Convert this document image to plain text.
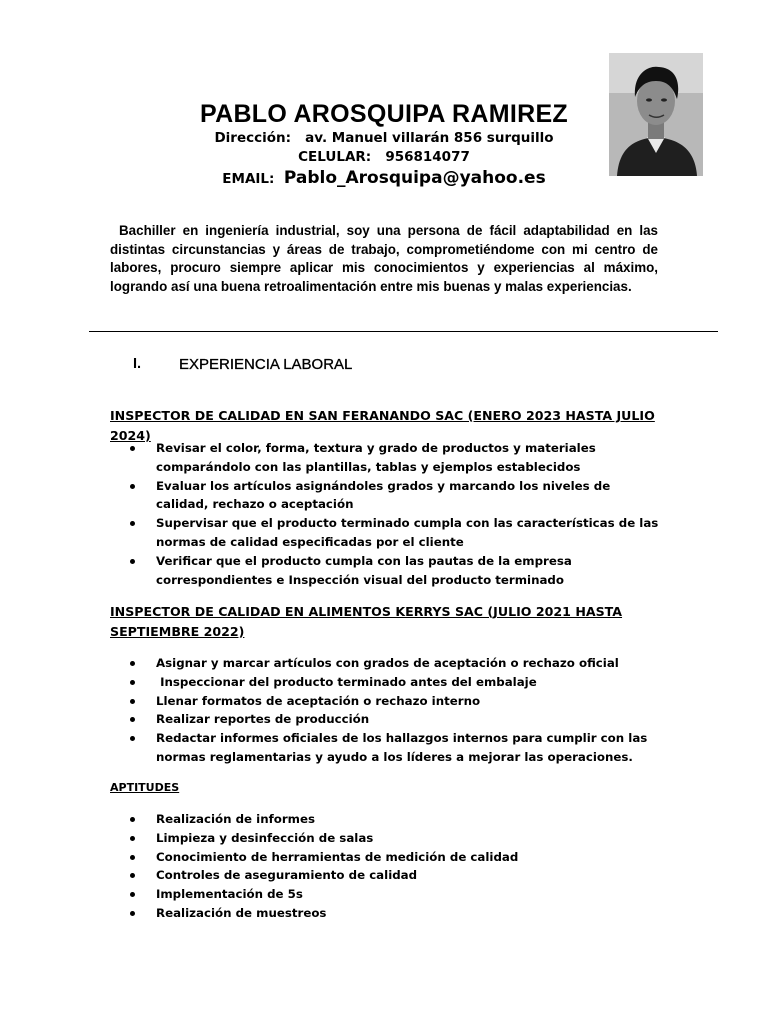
PABLO AROSQUIPA RAMIREZ
Dirección: av. Manuel villarán 856 surquillo
CELULAR: 956814077
EMAIL: Pablo_Arosquipa@yahoo.es
Bachiller en ingeniería industrial, soy una persona de fácil adaptabilidad en las distintas circunstancias y áreas de trabajo, comprometiéndome con mi centro de labores, procuro siempre aplicar mis conocimientos y experiencias al máximo, logrando así una buena retroalimentación entre mis buenas y malas experiencias.
I.	EXPERIENCIA LABORAL
INSPECTOR DE CALIDAD EN SAN FERANANDO SAC (ENERO 2023 HASTA JULIO 2024)
Revisar el color, forma, textura y grado de productos y materiales comparándolo con las plantillas, tablas y ejemplos establecidos
Evaluar los artículos asignándoles grados y marcando los niveles de calidad, rechazo o aceptación
Supervisar que el producto terminado cumpla con las características de las normas de calidad especificadas por el cliente
Verificar que el producto cumpla con las pautas de la empresa correspondientes e Inspección visual del producto terminado
INSPECTOR DE CALIDAD EN ALIMENTOS KERRYS SAC (JULIO 2021 HASTA SEPTIEMBRE 2022)
Asignar y marcar artículos con grados de aceptación o rechazo oficial
Inspeccionar del producto terminado antes del embalaje
Llenar formatos de aceptación o rechazo interno
Realizar reportes de producción
Redactar informes oficiales de los hallazgos internos para cumplir con las normas reglamentarias y ayudo a los líderes a mejorar las operaciones.
APTITUDES
Realización de informes
Limpieza y desinfección de salas
Conocimiento de herramientas de medición de calidad
Controles de aseguramiento de calidad
Implementación de 5s
Realización de muestreos
